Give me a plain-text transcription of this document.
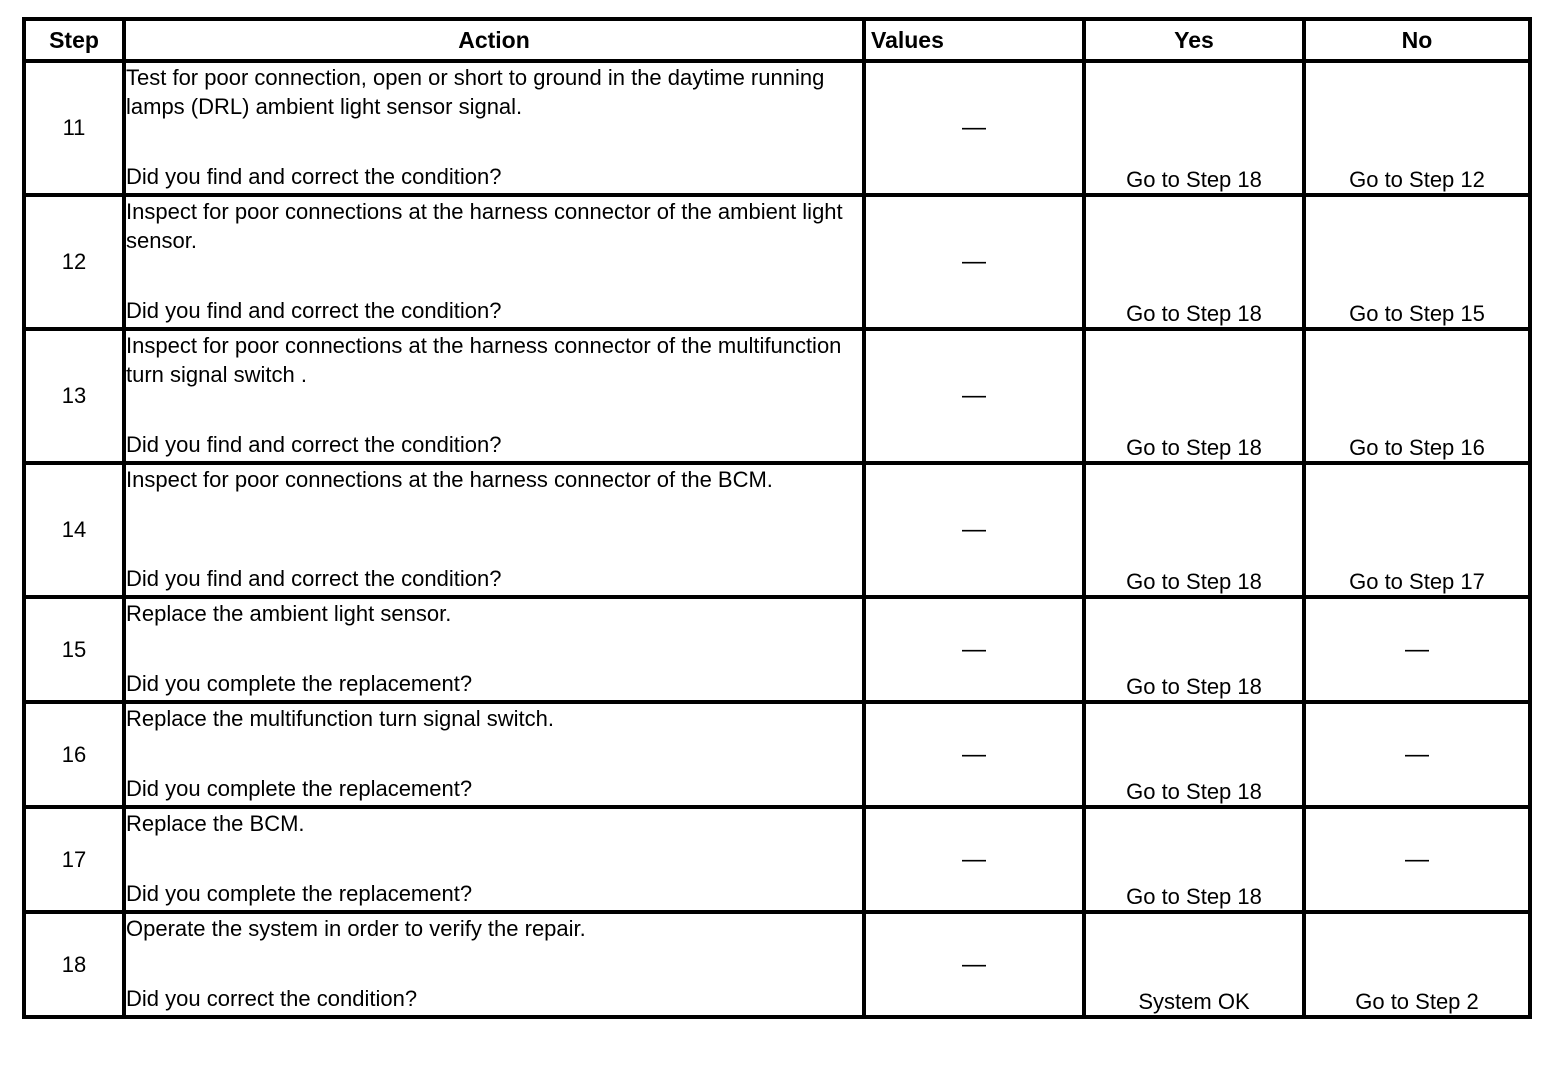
Step	Action	Values	Yes	No
11	Test for poor connection, open or short to ground in the daytime running lamps (DRL) ambient light sensor signal.
Did you find and correct the condition?	—	Go to Step 18	Go to Step 12
12	Inspect for poor connections at the harness connector of the ambient light sensor.
Did you find and correct the condition?	—	Go to Step 18	Go to Step 15
13	Inspect for poor connections at the harness connector of the multifunction turn signal switch .
Did you find and correct the condition?	—	Go to Step 18	Go to Step 16
14	Inspect for poor connections at the harness connector of the BCM.
Did you find and correct the condition?	—	Go to Step 18	Go to Step 17
15	Replace the ambient light sensor.
Did you complete the replacement?	—	Go to Step 18	—
16	Replace the multifunction turn signal switch.
Did you complete the replacement?	—	Go to Step 18	—
17	Replace the BCM.
Did you complete the replacement?	—	Go to Step 18	—
18	Operate the system in order to verify the repair.
Did you correct the condition?	—	System OK	Go to Step 2
